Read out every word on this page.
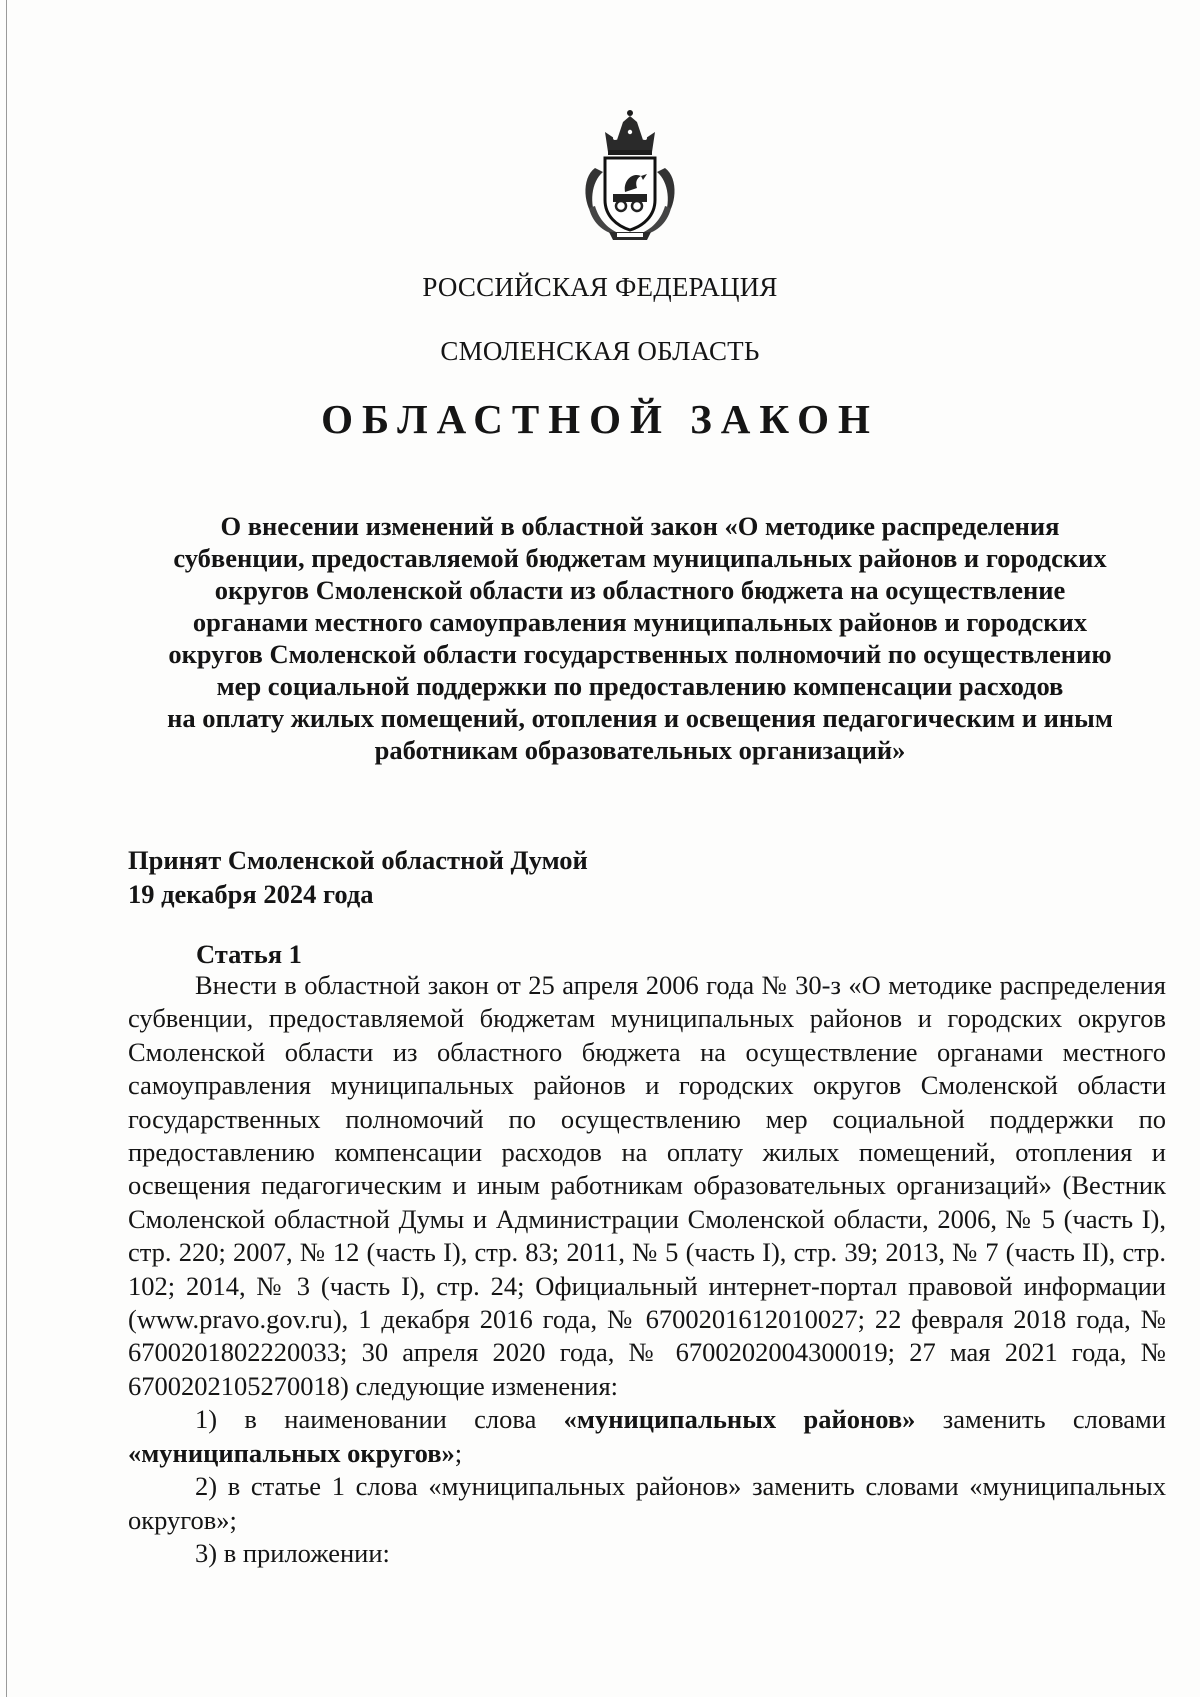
РОССИЙСКАЯ ФЕДЕРАЦИЯ
СМОЛЕНСКАЯ ОБЛАСТЬ
ОБЛАСТНОЙ ЗАКОН
О внесении изменений в областной закон «О методике распределения
субвенции, предоставляемой бюджетам муниципальных районов и городских
округов Смоленской области из областного бюджета на осуществление
органами местного самоуправления муниципальных районов и городских
округов Смоленской области государственных полномочий по осуществлению
мер социальной поддержки по предоставлению компенсации расходов
на оплату жилых помещений, отопления и освещения педагогическим и иным
работникам образовательных организаций»
Принят Смоленской областной Думой
19 декабря 2024 года
Статья 1

Внести в областной закон от 25 апреля 2006 года № 30-з «О методике распределения субвенции, предоставляемой бюджетам муниципальных районов и городских округов Смоленской области из областного бюджета на осуществление органами местного самоуправления муниципальных районов и городских округов Смоленской области государственных полномочий по осуществлению мер социальной поддержки по предоставлению компенсации расходов на оплату жилых помещений, отопления и освещения педагогическим и иным работникам образовательных организаций» (Вестник Смоленской областной Думы и Администрации Смоленской области, 2006, № 5 (часть I), стр. 220; 2007, № 12 (часть I), стр. 83; 2011, № 5 (часть I), стр. 39; 2013, № 7 (часть II), стр. 102; 2014, № 3 (часть I), стр. 24; Официальный интернет-портал правовой информации (www.pravo.gov.ru), 1 декабря 2016 года, № 6700201612010027; 22 февраля 2018 года, № 6700201802220033; 30 апреля 2020 года, № 6700202004300019; 27 мая 2021 года, № 6700202105270018) следующие изменения:

1) в наименовании слова «муниципальных районов» заменить словами «муниципальных округов»;

2) в статье 1 слова «муниципальных районов» заменить словами «муниципальных округов»;

3) в приложении:
